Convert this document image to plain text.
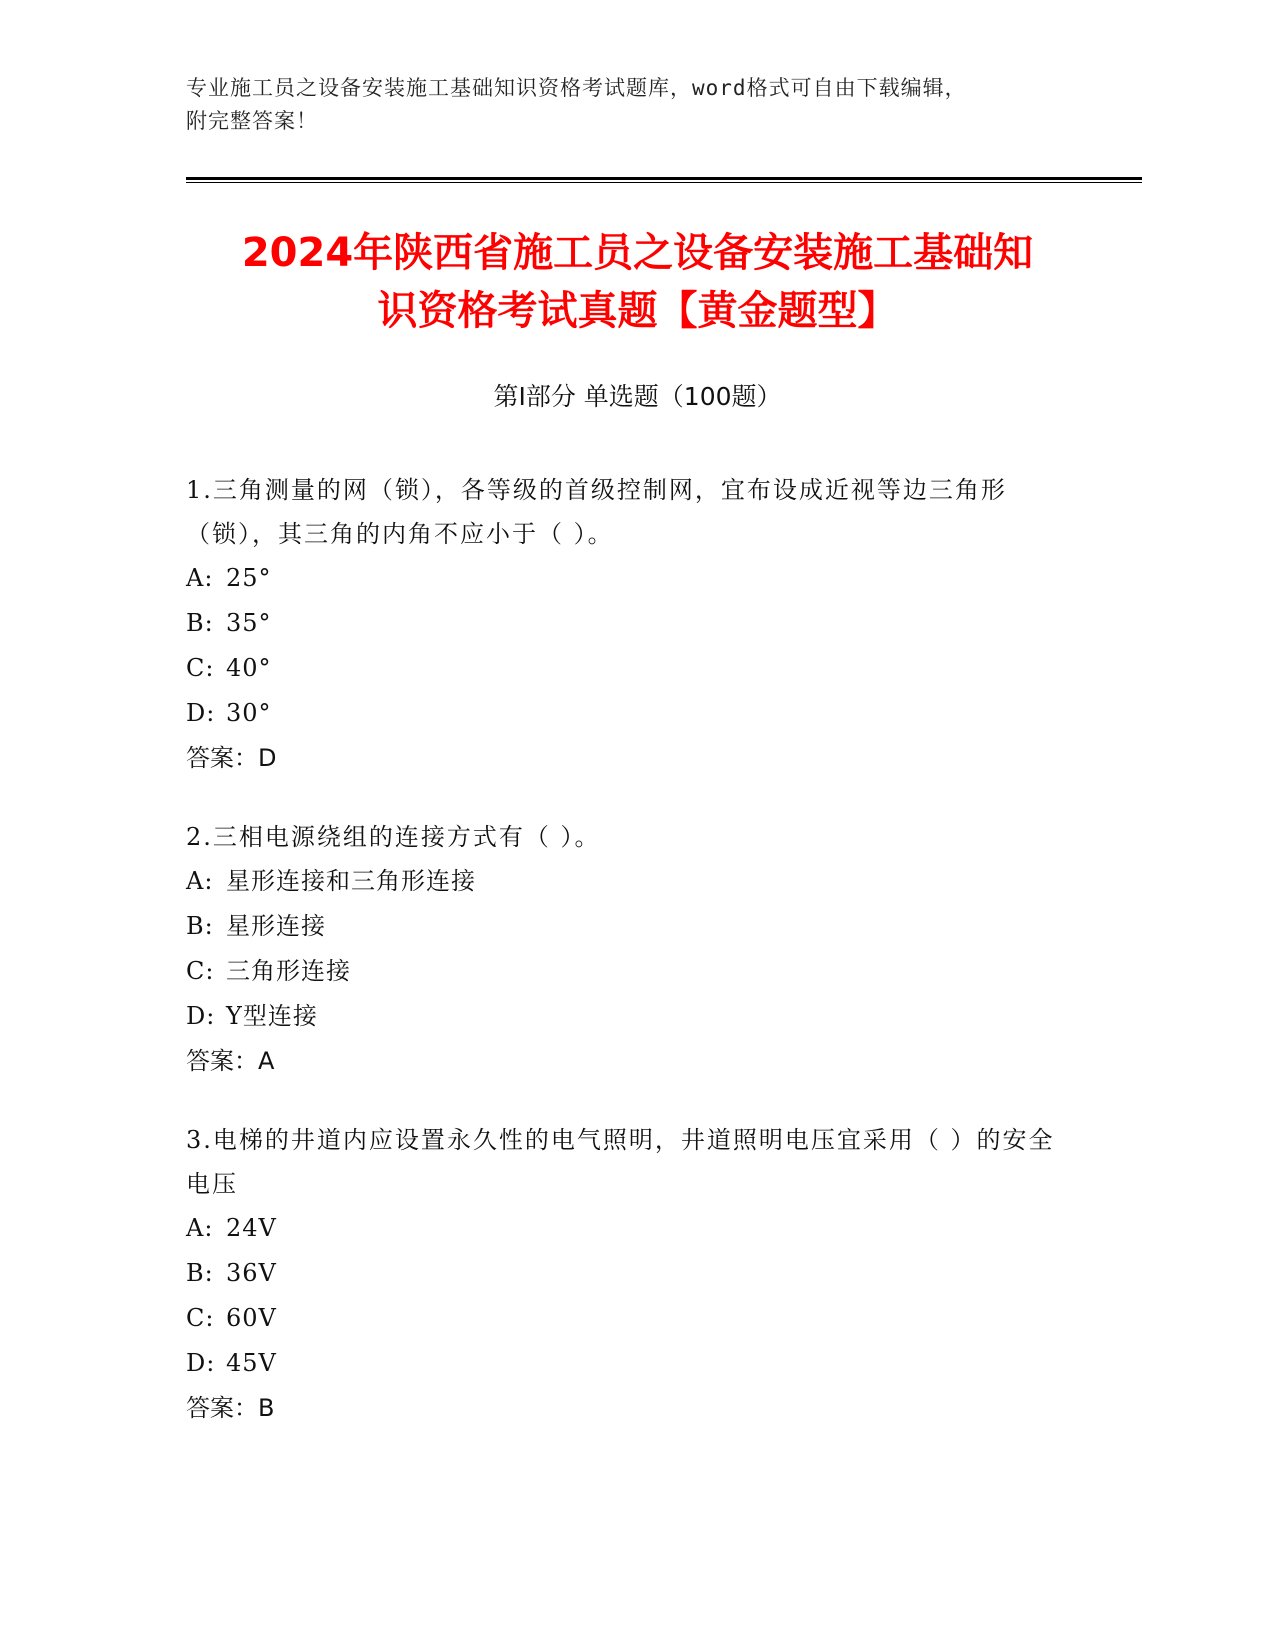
专业施工员之设备安装施工基础知识资格考试题库，word格式可自由下载编辑，
附完整答案！
2024年陕西省施工员之设备安装施工基础知
识资格考试真题【黄金题型】
第Ⅰ部分 单选题（100题）

1.三角测量的网（锁），各等级的首级控制网，宜布设成近视等边三角形（锁），其三角的内角不应小于（ ）。

A: 25°

B: 35°

C: 40°

D: 30°

答案：D

2.三相电源绕组的连接方式有（ ）。

A: 星形连接和三角形连接

B: 星形连接

C: 三角形连接

D: Y型连接

答案：A

3.电梯的井道内应设置永久性的电气照明，井道照明电压宜采用（ ）的安全电压

A: 24V

B: 36V

C: 60V

D: 45V

答案：B
